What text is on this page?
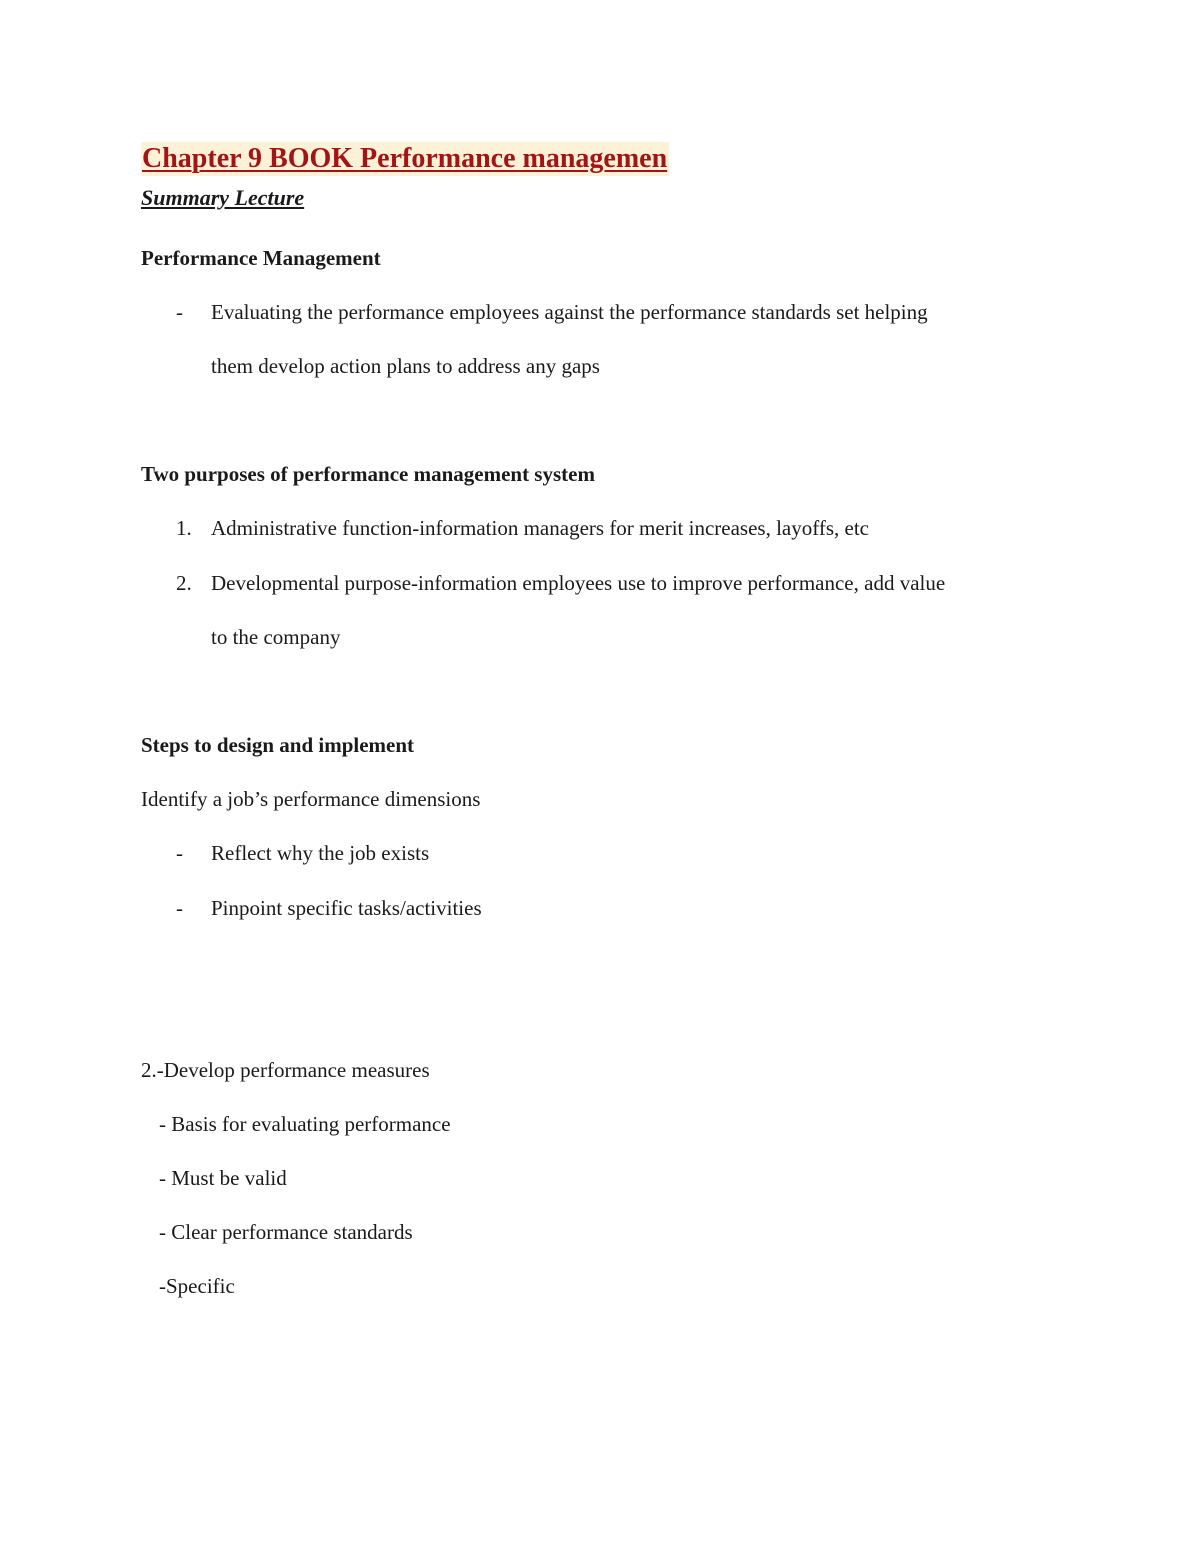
Chapter 9 BOOK Performance managemen
Summary Lecture
Performance Management
- Evaluating the performance employees against the performance standards set helping
them develop action plans to address any gaps
Two purposes of performance management system
1. Administrative function-information managers for merit increases, layoffs, etc
2. Developmental purpose-information employees use to improve performance, add value
to the company
Steps to design and implement
Identify a job’s performance dimensions
- Reflect why the job exists
- Pinpoint specific tasks/activities
2.-Develop performance measures
- Basis for evaluating performance
- Must be valid
- Clear performance standards
-Specific
